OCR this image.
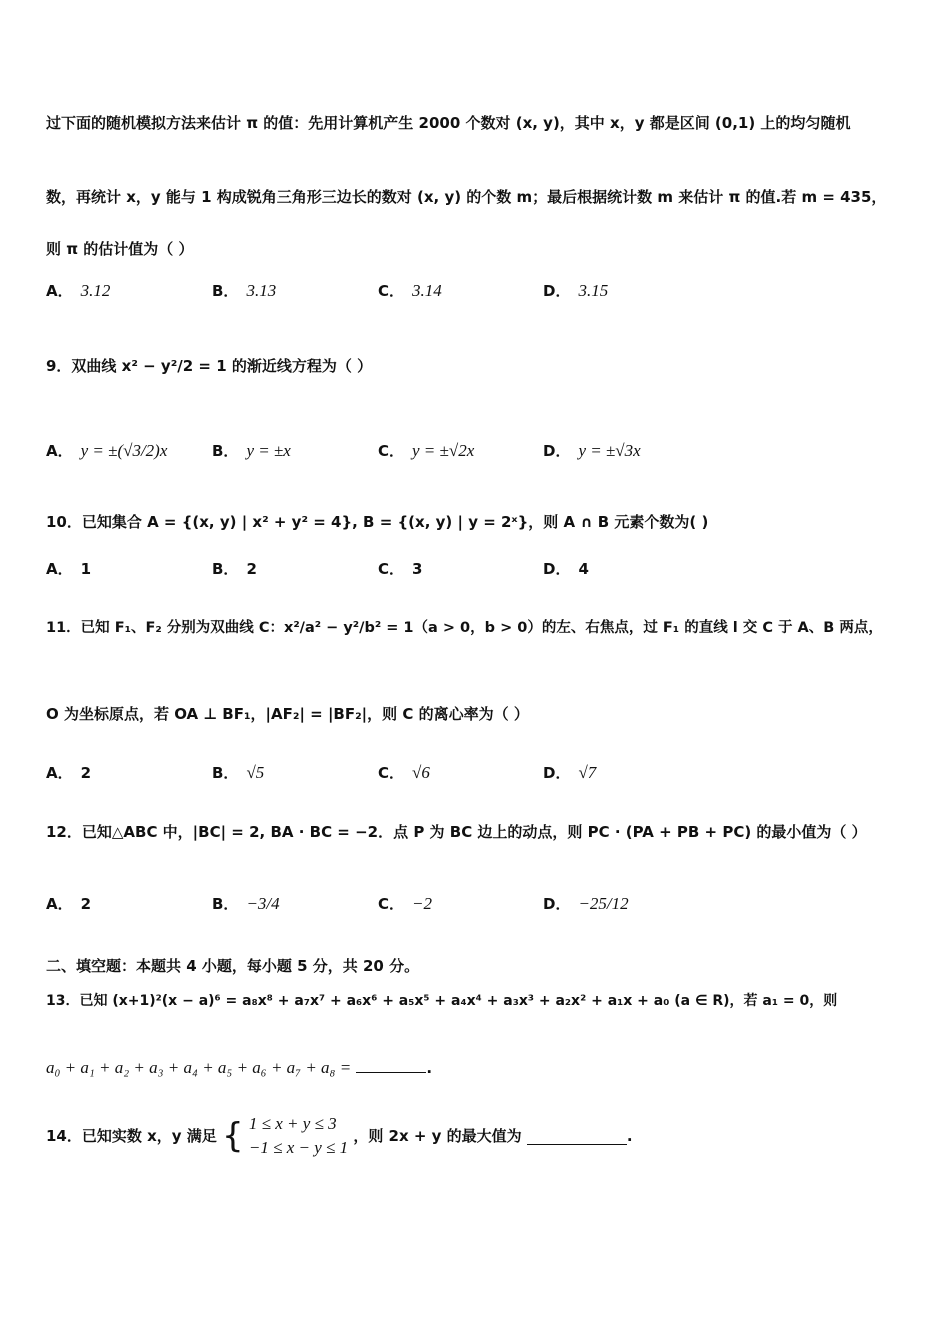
过下面的随机模拟方法来估计 π 的值：先用计算机产生 2000 个数对 (x, y)，其中 x，y 都是区间 (0,1) 上的均匀随机
数，再统计 x，y 能与 1 构成锐角三角形三边长的数对 (x, y) 的个数 m；最后根据统计数 m 来估计 π 的值.若 m = 435，
则 π 的估计值为（ ）
A． 3.12	B． 3.13	C． 3.14	D． 3.15
9．双曲线 x² − y²/2 = 1 的渐近线方程为（ ）
A． y = ±(√3/2)x	B． y = ±x	C． y = ±√2x	D． y = ±√3x
10．已知集合 A = {(x, y) | x² + y² = 4}, B = {(x, y) | y = 2ˣ}，则 A ∩ B 元素个数为( )
A． 1	B． 2	C． 3	D． 4
11．已知 F₁、F₂ 分别为双曲线 C：x²/a² − y²/b² = 1（a > 0，b > 0）的左、右焦点，过 F₁ 的直线 l 交 C 于 A、B 两点，
O 为坐标原点，若 OA ⊥ BF₁，|AF₂| = |BF₂|，则 C 的离心率为（ ）
A． 2	B． √5	C． √6	D． √7
12．已知△ABC 中，|BC| = 2, BA · BC = −2．点 P 为 BC 边上的动点，则 PC · (PA + PB + PC) 的最小值为（ ）
A． 2	B． −3/4	C． −2	D． −25/12
二、填空题：本题共 4 小题，每小题 5 分，共 20 分。
13．已知 (x+1)²(x − a)⁶ = a₈x⁸ + a₇x⁷ + a₆x⁶ + a₅x⁵ + a₄x⁴ + a₃x³ + a₂x² + a₁x + a₀ (a ∈ R)，若 a₁ = 0，则
a₀ + a₁ + a₂ + a₃ + a₄ + a₅ + a₆ + a₇ + a₈ =	.
14．已知实数 x，y 满足 { 1 ≤ x + y ≤ 3
−1 ≤ x − y ≤ 1
，则 2x + y 的最大值为	.
